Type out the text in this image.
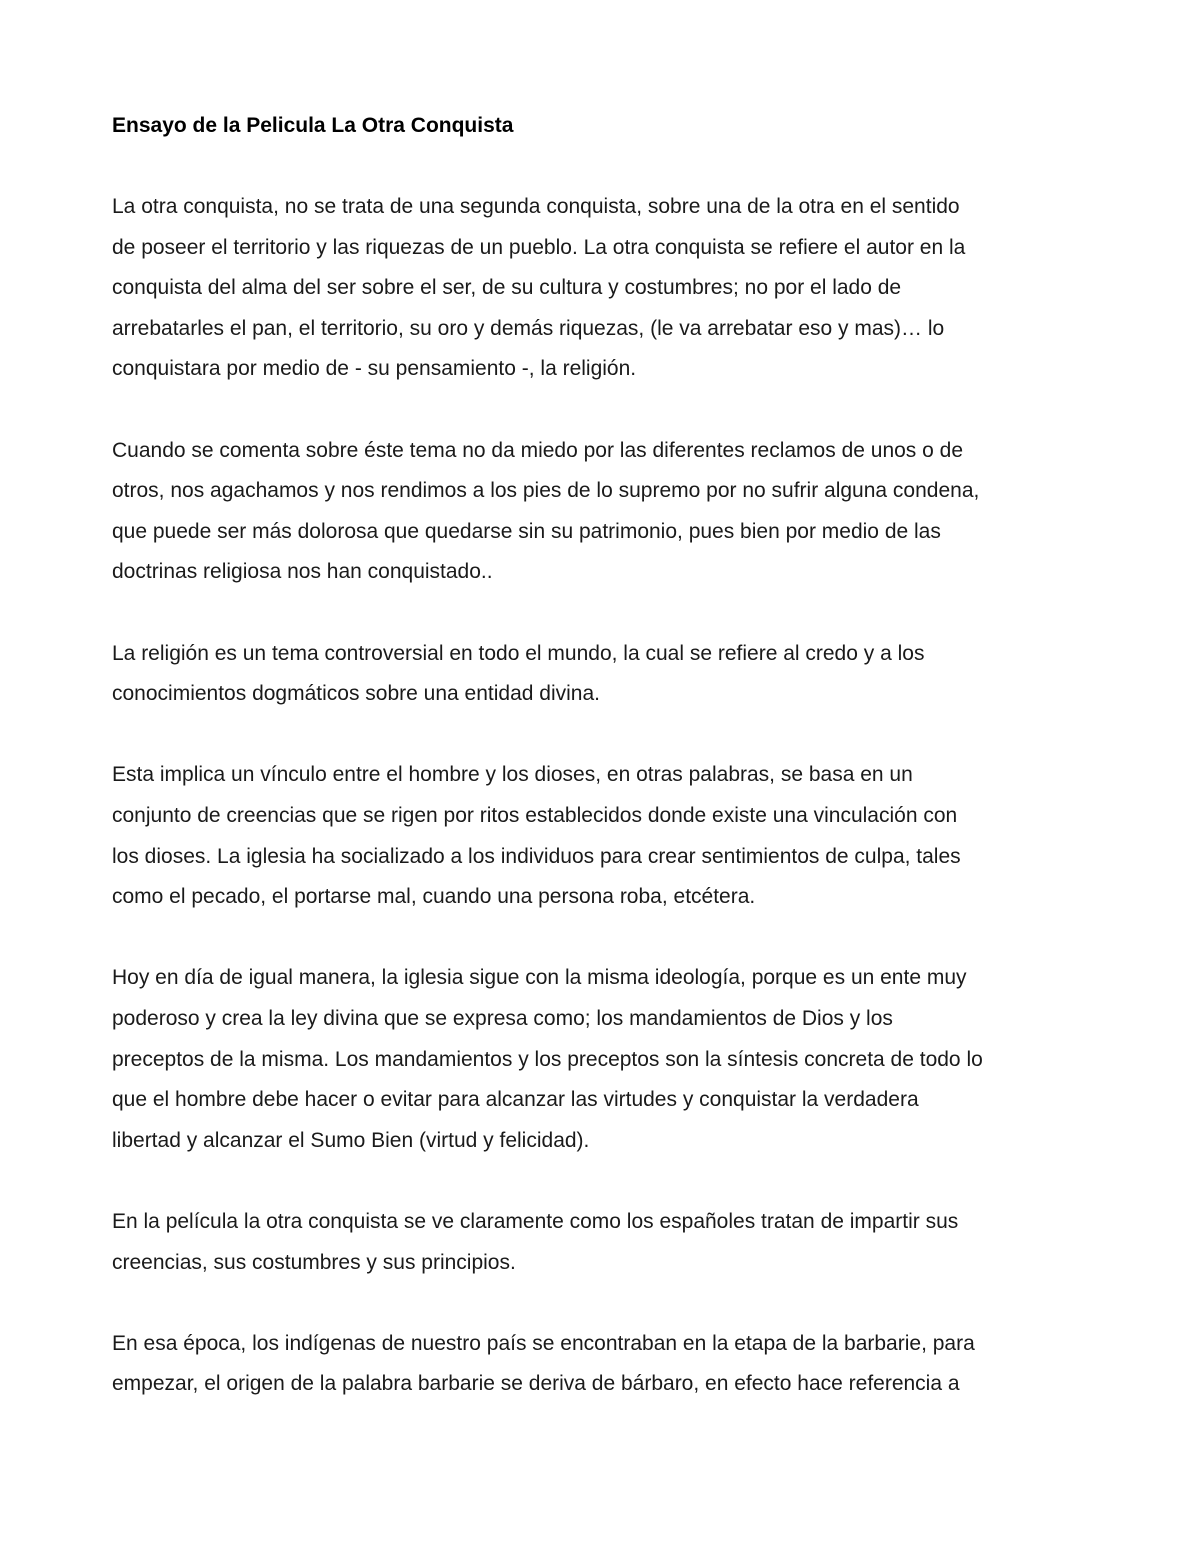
Ensayo de la Pelicula La Otra Conquista

La otra conquista, no se trata de una segunda conquista, sobre una de la otra en el sentido

de poseer el territorio y las riquezas de un pueblo. La otra conquista se refiere el autor en la

conquista del alma del ser sobre el ser, de su cultura y costumbres; no por el lado de

arrebatarles el pan, el territorio, su oro y demás riquezas, (le va arrebatar eso y mas)… lo

conquistara por medio de - su pensamiento -, la religión.

Cuando se comenta sobre éste tema no da miedo por las diferentes reclamos de unos o de

otros, nos agachamos y nos rendimos a los pies de lo supremo por no sufrir alguna condena,

que puede ser más dolorosa que quedarse sin su patrimonio, pues bien por medio de las

doctrinas religiosa nos han conquistado..

La religión es un tema controversial en todo el mundo, la cual se refiere al credo y a los

conocimientos dogmáticos sobre una entidad divina.

Esta implica un vínculo entre el hombre y los dioses, en otras palabras, se basa en un

conjunto de creencias que se rigen por ritos establecidos donde existe una vinculación con

los dioses. La iglesia ha socializado a los individuos para crear sentimientos de culpa, tales

como el pecado, el portarse mal, cuando una persona roba, etcétera.

Hoy en día de igual manera, la iglesia sigue con la misma ideología, porque es un ente muy

poderoso y crea la ley divina que se expresa como; los mandamientos de Dios y los

preceptos de la misma. Los mandamientos y los preceptos son la síntesis concreta de todo lo

que el hombre debe hacer o evitar para alcanzar las virtudes y conquistar la verdadera

libertad y alcanzar el Sumo Bien (virtud y felicidad).

En la película la otra conquista se ve claramente como los españoles tratan de impartir sus

creencias, sus costumbres y sus principios.

En esa época, los indígenas de nuestro país se encontraban en la etapa de la barbarie, para

empezar, el origen de la palabra barbarie se deriva de bárbaro, en efecto hace referencia a
